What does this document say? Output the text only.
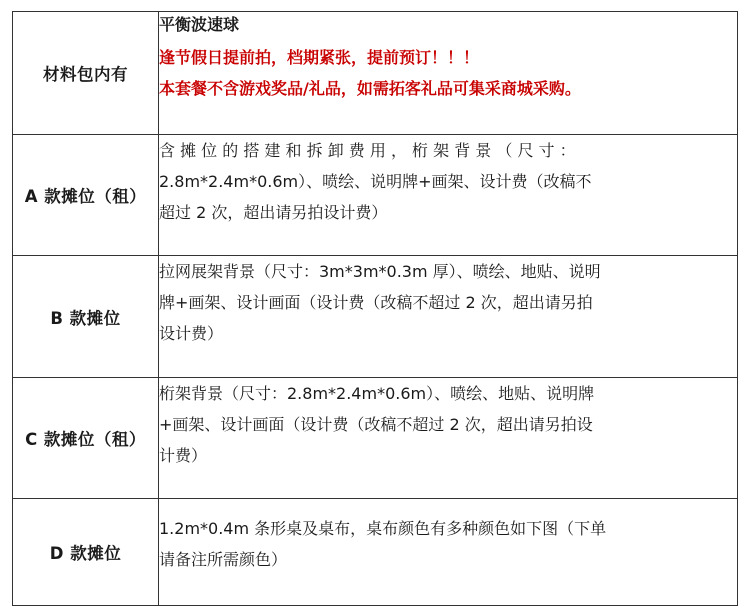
材料包内有	平衡波速球
逢节假日提前拍，档期紧张，提前预订！！！
本套餐不含游戏奖品/礼品，如需拓客礼品可集采商城采购。

A 款摊位（租）	含 摊 位 的 搭 建 和 拆 卸 费 用 ， 桁 架 背 景 （ 尺 寸 ：
2.8m*2.4m*0.6m）、喷绘、说明牌+画架、设计费（改稿不
超过 2 次，超出请另拍设计费）

B 款摊位	拉网展架背景（尺寸：3m*3m*0.3m 厚）、喷绘、地贴、说明
牌+画架、设计画面（设计费（改稿不超过 2 次，超出请另拍
设计费）

C 款摊位（租）	桁架背景（尺寸：2.8m*2.4m*0.6m）、喷绘、地贴、说明牌
+画架、设计画面（设计费（改稿不超过 2 次，超出请另拍设
计费）

D 款摊位	1.2m*0.4m 条形桌及桌布，桌布颜色有多种颜色如下图（下单
请备注所需颜色）
